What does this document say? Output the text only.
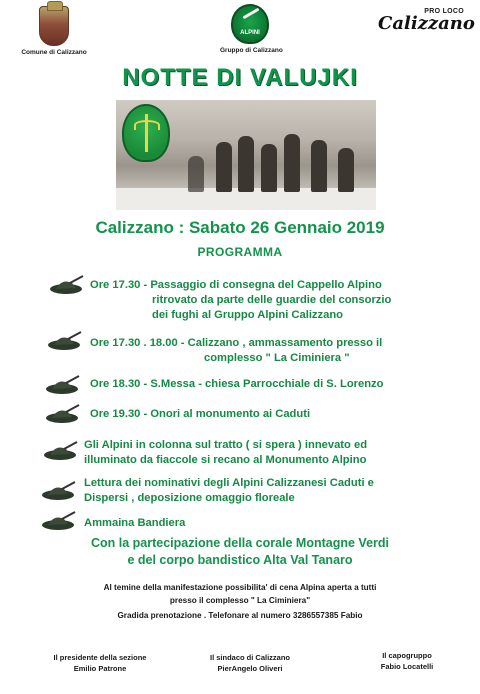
Comune di Calizzano
ALPINI
Gruppo di Calizzano
PRO LOCO
Calizzano
NOTTE DI VALUJKI
Calizzano : Sabato 26 Gennaio 2019
PROGRAMMA
Ore 17.30 - Passaggio di consegna del Cappello Alpino
ritrovato da parte delle guardie del consorzio
dei fughi al Gruppo Alpini Calizzano
Ore 17.30 . 18.00 - Calizzano , ammassamento presso il
complesso " La Ciminiera "
Ore 18.30 - S.Messa - chiesa Parrocchiale di S. Lorenzo
Ore 19.30 - Onori al monumento ai Caduti
Gli Alpini in colonna sul tratto ( si spera ) innevato ed
illuminato da fiaccole si recano al Monumento Alpino
Lettura dei nominativi degli Alpini Calizzanesi Caduti e
Dispersi , deposizione omaggio floreale
Ammaina Bandiera
Con la partecipazione della corale Montagne Verdi
e del corpo bandistico Alta Val Tanaro
Al temine della manifestazione possibilita' di cena Alpina aperta a tutti
presso il complesso " La Ciminiera"
Gradida prenotazione . Telefonare al numero 3286557385 Fabio
Il presidente della sezione
Emilio Patrone
Il sindaco di Calizzano
PierAngelo Oliveri
Il capogruppo
Fabio Locatelli
